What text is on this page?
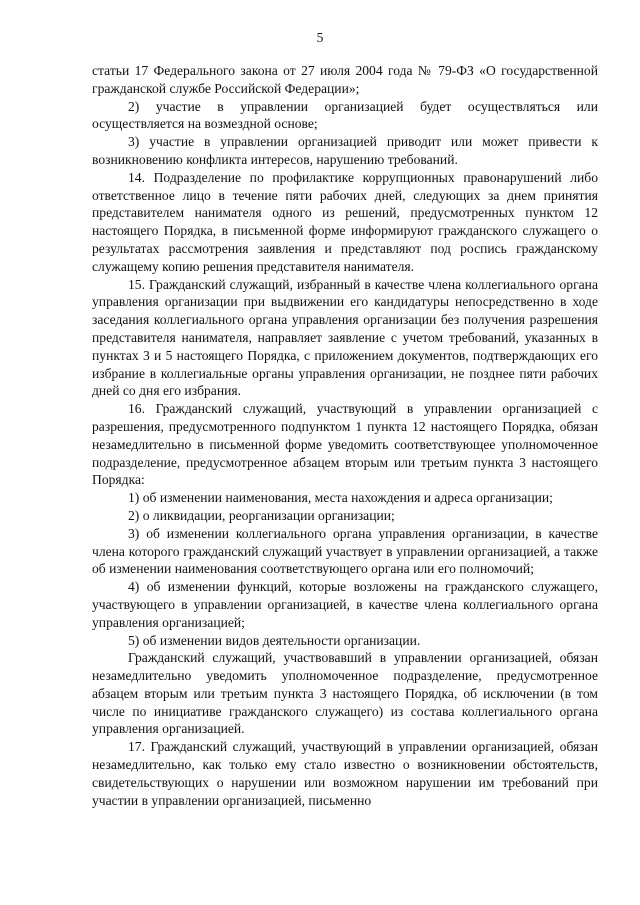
5

статьи 17 Федерального закона от 27 июля 2004 года № 79-ФЗ «О государственной гражданской службе Российской Федерации»;

2) участие в управлении организацией будет осуществляться или осуществляется на возмездной основе;

3) участие в управлении организацией приводит или может привести к возникновению конфликта интересов, нарушению требований.

14. Подразделение по профилактике коррупционных правонарушений либо ответственное лицо в течение пяти рабочих дней, следующих за днем принятия представителем нанимателя одного из решений, предусмотренных пунктом 12 настоящего Порядка, в письменной форме информируют гражданского служащего о результатах рассмотрения заявления и представляют под роспись гражданскому служащему копию решения представителя нанимателя.

15. Гражданский служащий, избранный в качестве члена коллегиального органа управления организации при выдвижении его кандидатуры непосредственно в ходе заседания коллегиального органа управления организации без получения разрешения представителя нанимателя, направляет заявление с учетом требований, указанных в пунктах 3 и 5 настоящего Порядка, с приложением документов, подтверждающих его избрание в коллегиальные органы управления организации, не позднее пяти рабочих дней со дня его избрания.

16. Гражданский служащий, участвующий в управлении организацией с разрешения, предусмотренного подпунктом 1 пункта 12 настоящего Порядка, обязан незамедлительно в письменной форме уведомить соответствующее уполномоченное подразделение, предусмотренное абзацем вторым или третьим пункта 3 настоящего Порядка:

1) об изменении наименования, места нахождения и адреса организации;

2) о ликвидации, реорганизации организации;

3) об изменении коллегиального органа управления организации, в качестве члена которого гражданский служащий участвует в управлении организацией, а также об изменении наименования соответствующего органа или его полномочий;

4) об изменении функций, которые возложены на гражданского служащего, участвующего в управлении организацией, в качестве члена коллегиального органа управления организацией;

5) об изменении видов деятельности организации.

Гражданский служащий, участвовавший в управлении организацией, обязан незамедлительно уведомить уполномоченное подразделение, предусмотренное абзацем вторым или третьим пункта 3 настоящего Порядка, об исключении (в том числе по инициативе гражданского служащего) из состава коллегиального органа управления организацией.

17. Гражданский служащий, участвующий в управлении организацией, обязан незамедлительно, как только ему стало известно о возникновении обстоятельств, свидетельствующих о нарушении или возможном нарушении им требований при участии в управлении организацией, письменно
